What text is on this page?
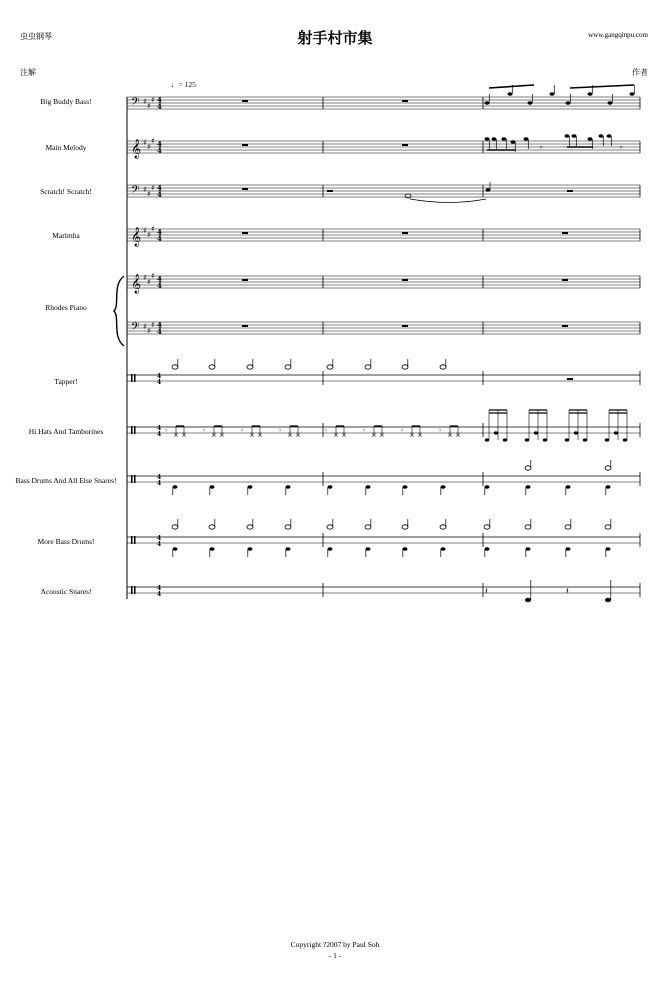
虫虫钢琴	射手村市集	www.gangqinpu.com
注解	作者
♩= 125
Big Buddy Bass!
Main Melody
Scratch! Scratch!
Marimba
Rhodes Piano
Tapper!
Hi Hats And Tamborines
Bass Drums And All Else Snares!
More Bass Drums!
Acoustic Snares!
𝄢 ♯ ♯
♯ 4
4
𝄞 ♯ ♯
♯ 4
4
𝄢 ♯ ♯
♯ 4
4
𝄞 ♯ ♯
♯ 4
4
𝄞 ♯ ♯
♯ 4
4
𝄢 ♯ ♯
♯ 4
4
4
4
4
4
4
4
4
4
4
4
𝄾	𝄾
𝄾 × × 𝄾 × × 𝄾 × × 𝄾 × ×	𝄾 × × 𝄾 × × 𝄾 × × 𝄾 × ×
𝄽	𝄽
Copyright ?2007 by Paul Soh
- 1 -
